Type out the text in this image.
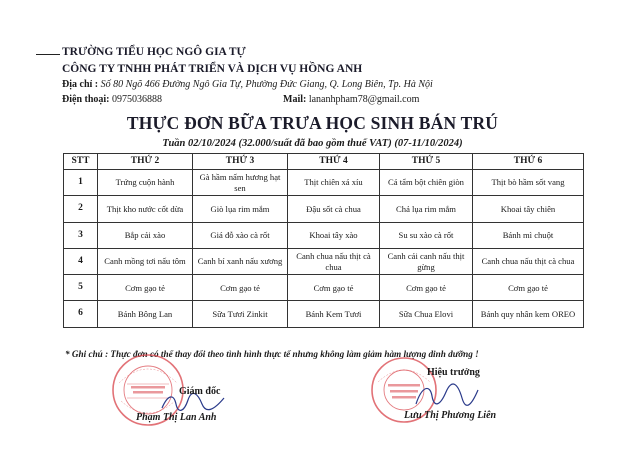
TRƯỜNG TIỂU HỌC NGÔ GIA TỰ
CÔNG TY TNHH PHÁT TRIỂN VÀ DỊCH VỤ HỒNG ANH
Địa chỉ : Số 80 Ngõ 466 Đường Ngô Gia Tự, Phường Đức Giang, Q. Long Biên, Tp. Hà Nội
Điện thoại: 0975036888	Mail: lananhpham78@gmail.com
THỰC ĐƠN BỮA TRƯA HỌC SINH BÁN TRÚ
Tuần 02/10/2024 (32.000/suất đã bao gồm thuế VAT) (07-11/10/2024)
STT	THỨ 2	THỨ 3	THỨ 4	THỨ 5	THỨ 6
1	Trứng cuộn hành	Gà hầm nấm hương hạt sen	Thịt chiên xá xíu	Cá tẩm bột chiên giòn	Thịt bò hầm sốt vang
2	Thịt kho nước cốt dừa	Giò lụa rim mắm	Đậu sốt cà chua	Chả lụa rim mắm	Khoai tây chiên
3	Bắp cải xào	Giá đỗ xào cà rốt	Khoai tây xào	Su su xào cà rốt	Bánh mì chuột
4	Canh mồng tơi nấu tôm	Canh bí xanh nấu xương	Canh chua nấu thịt cà chua	Canh cải canh nấu thịt gừng	Canh chua nấu thịt cà chua
5	Cơm gạo tẻ	Cơm gạo tẻ	Cơm gạo tẻ	Cơm gạo tẻ	Cơm gạo tẻ
6	Bánh Bông Lan	Sữa Tươi Zinkit	Bánh Kem Tươi	Sữa Chua Elovi	Bánh quy nhân kem OREO
* Ghi chú : Thực đơn có thể thay đổi theo tình hình thực tế nhưng không làm giảm hàm lượng dinh dưỡng !
Giám đốc
Hiệu trưởng
Phạm Thị Lan Anh	Lưu Thị Phương Liên
